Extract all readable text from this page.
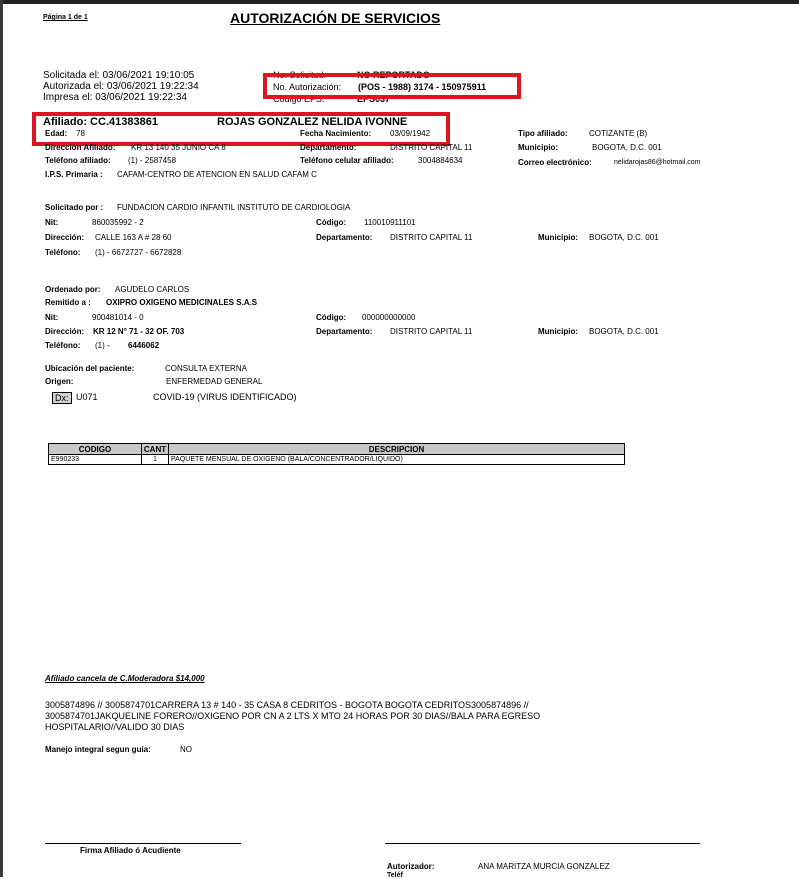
Página 1 de 1	AUTORIZACIÓN DE SERVICIOS
Solicitada el: 03/06/2021 19:10:05
Autorizada el: 03/06/2021 19:22:34
Impresa el: 03/06/2021 19:22:34
No. Solicitud:	NO REPORTADO
No. Autorización: (POS - 1988) 3174 - 150975911
Código EPS:	EPS037
Afiliado: CC.41383861	ROJAS GONZALEZ NELIDA IVONNE
Edad: 78	Fecha Nacimiento: 03/09/1942	Tipo afiliado:	COTIZANTE (B)
Dirección Afiliado: KR 13 140 35 JUNIO CA 8	Departamento:	DISTRITO CAPITAL 11	Municipio:	BOGOTA, D.C. 001
Teléfono afiliado: (1) - 2587458	Teléfono celular afiliado:	3004884634	Correo electrónico:	nelidarojas86@hotmail.com
I.P.S. Primaria : CAFAM-CENTRO DE ATENCION EN SALUD CAFAM C
Solicitado por : FUNDACION CARDIO INFANTIL INSTITUTO DE CARDIOLOGIA
Nit:	860035992 - 2	Código: 110010911101
Dirección: CALLE 163 A # 28 60	Departamento: DISTRITO CAPITAL 11	Municipio: BOGOTA, D.C. 001
Teléfono: (1) - 6672727 - 6672828
Ordenado por: AGUDELO CARLOS
Remitido a : OXIPRO OXIGENO MEDICINALES S.A.S
Nit:	900481014 - 0	Código: 000000000000
Dirección: KR 12 N° 71 - 32 OF. 703	Departamento: DISTRITO CAPITAL 11	Municipio: BOGOTA, D.C. 001
Teléfono: (1) - 6446062
Ubicación del paciente:	CONSULTA EXTERNA
Origen:	ENFERMEDAD GENERAL
Dx: U071	COVID-19 (VIRUS IDENTIFICADO)
CODIGO	CANT	DESCRIPCION
E990233	1	PAQUETE MENSUAL DE OXIGENO (BALA/CONCENTRADOR/LIQUIDO)
Afiliado cancela de C.Moderadora $14,000
3005874896 // 3005874701CARRERA 13 # 140 - 35 CASA 8 CEDRITOS - BOGOTA BOGOTA CEDRITOS3005874896 //
3005874701JAKQUELINE FORERO//OXIGENO POR CN A 2 LTS X MTO 24 HORAS POR 30 DIAS//BALA PARA EGRESO
HOSPITALARIO//VALIDO 30 DIAS
Manejo integral segun guia:	NO
Firma Afiliado ó Acudiente
Autorizador:	ANA MARITZA MURCIA GONZALEZ
Teléf
